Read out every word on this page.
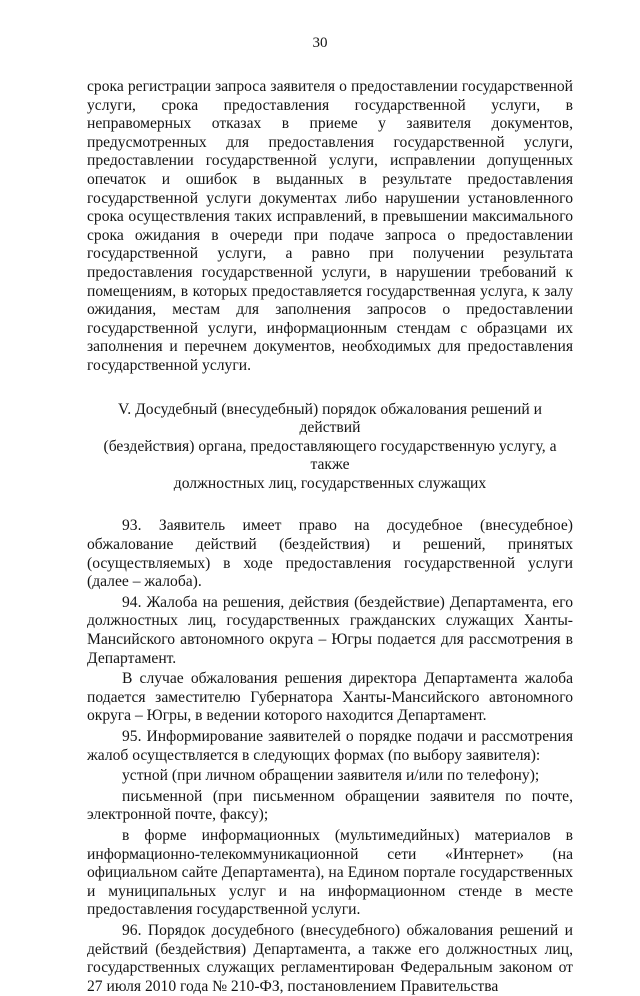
30

срока регистрации запроса заявителя о предоставлении государственной услуги, срока предоставления государственной услуги, в неправомерных отказах в приеме у заявителя документов, предусмотренных для предоставления государственной услуги, предоставлении государственной услуги, исправлении допущенных опечаток и ошибок в выданных в результате предоставления государственной услуги документах либо нарушении установленного срока осуществления таких исправлений, в превышении максимального срока ожидания в очереди при подаче запроса о предоставлении государственной услуги, а равно при получении результата предоставления государственной услуги, в нарушении требований к помещениям, в которых предоставляется государственная услуга, к залу ожидания, местам для заполнения запросов о предоставлении государственной услуги, информационным стендам с образцами их заполнения и перечнем документов, необходимых для предоставления государственной услуги.

V. Досудебный (внесудебный) порядок обжалования решений и действий
(бездействия) органа, предоставляющего государственную услугу, а также
должностных лиц, государственных служащих

93. Заявитель имеет право на досудебное (внесудебное) обжалование действий (бездействия) и решений, принятых (осуществляемых) в ходе предоставления государственной услуги (далее – жалоба).

94. Жалоба на решения, действия (бездействие) Департамента, его должностных лиц, государственных гражданских служащих Ханты-Мансийского автономного округа – Югры подается для рассмотрения в Департамент.

В случае обжалования решения директора Департамента жалоба подается заместителю Губернатора Ханты-Мансийского автономного округа – Югры, в ведении которого находится Департамент.

95. Информирование заявителей о порядке подачи и рассмотрения жалоб осуществляется в следующих формах (по выбору заявителя):

устной (при личном обращении заявителя и/или по телефону);

письменной (при письменном обращении заявителя по почте, электронной почте, факсу);

в форме информационных (мультимедийных) материалов в информационно-телекоммуникационной сети «Интернет» (на официальном сайте Департамента), на Едином портале государственных и муниципальных услуг и на информационном стенде в месте предоставления государственной услуги.

96. Порядок досудебного (внесудебного) обжалования решений и действий (бездействия) Департамента, а также его должностных лиц, государственных служащих регламентирован Федеральным законом от 27 июля 2010 года № 210-ФЗ, постановлением Правительства
